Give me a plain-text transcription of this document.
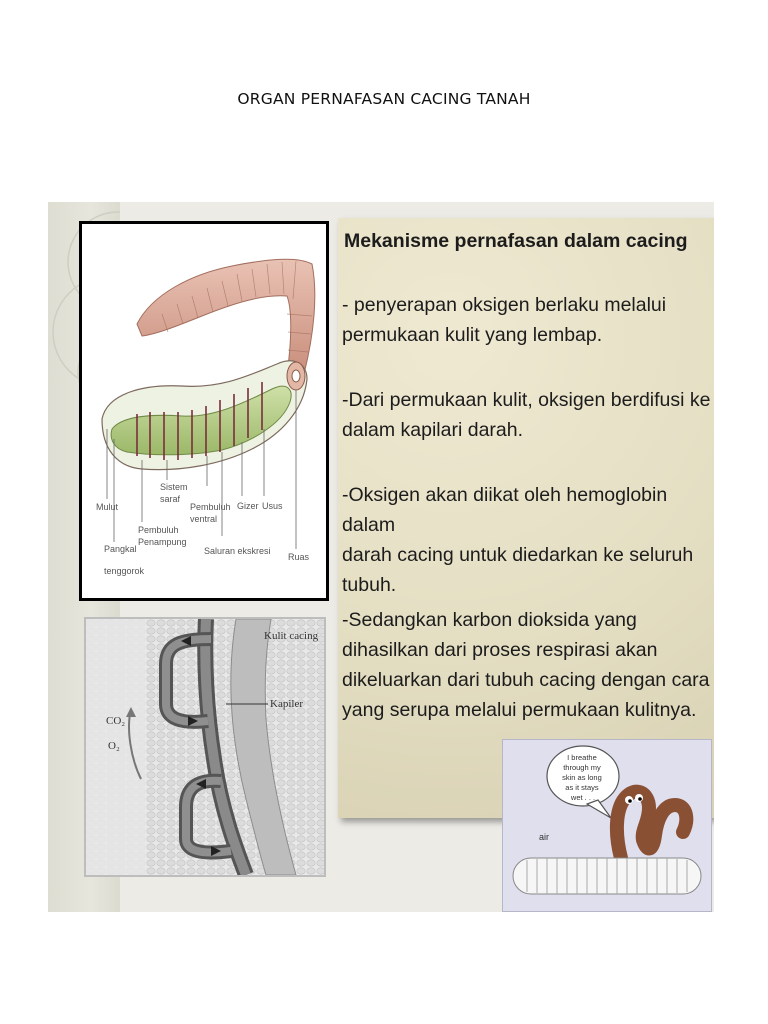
ORGAN PERNAFASAN CACING TANAH
Mekanisme pernafasan dalam cacing
- penyerapan oksigen berlaku melalui
permukaan kulit yang lembap.
-Dari permukaan kulit, oksigen berdifusi ke
dalam kapilari darah.
-Oksigen akan diikat oleh hemoglobin dalam
darah cacing untuk diedarkan ke seluruh
tubuh.
-Sedangkan karbon dioksida yang
dihasilkan dari proses respirasi akan
dikeluarkan dari tubuh cacing dengan cara
yang serupa melalui permukaan kulitnya.
Mulut
Pangkal
tenggorok
Sistem
saraf
Pembuluh
Penampung
Pembuluh
ventral
Saluran ekskresi
Gizer Usus
Ruas
Kulit cacing
Kapiler
CO₂
O₂
I breathe through my skin as long as it stays wet . . .
air
